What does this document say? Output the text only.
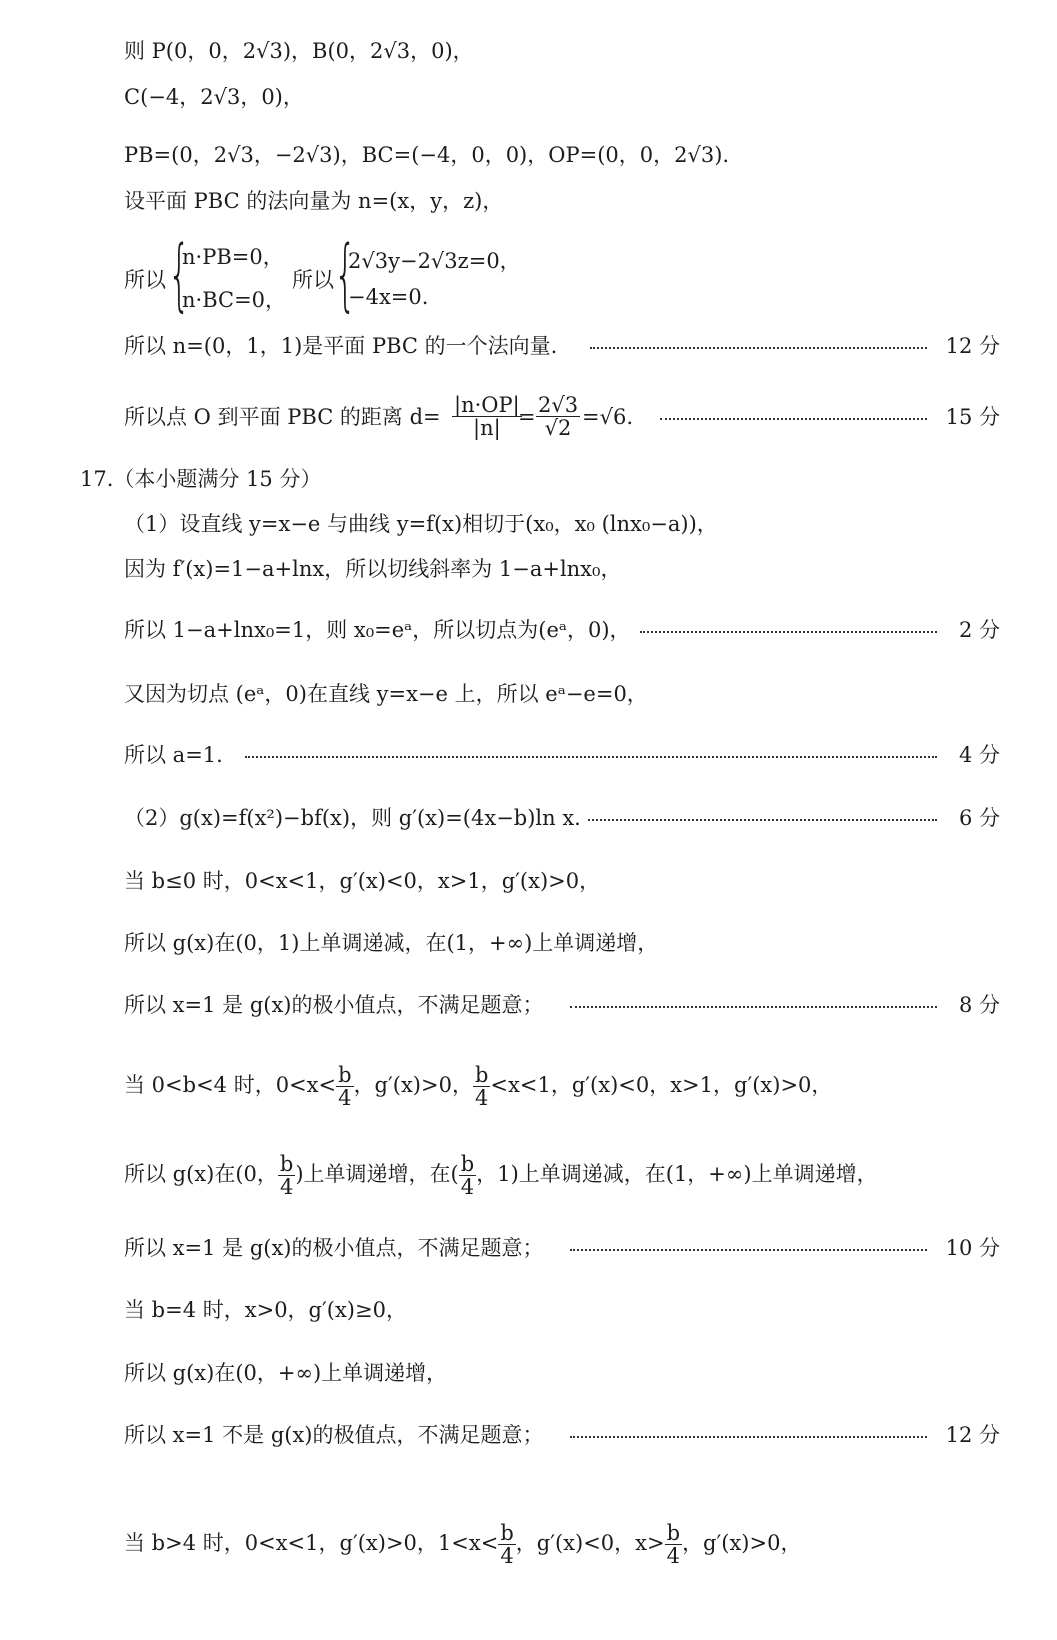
则 P(0，0，2√3)，B(0，2√3，0)，
C(−4，2√3，0)，
PB=(0，2√3，−2√3)，BC=(−4，0，0)，OP=(0，0，2√3).
设平面 PBC 的法向量为 n=(x，y，z)，
所以 {
n·PB=0，
n·BC=0，
所以 {
2√3y−2√3z=0，
−4x=0.
所以 n=(0，1，1)是平面 PBC 的一个法向量.	12 分
所以点 O 到平面 PBC 的距离 d=	15 分
$\frac{|n\cdot OP|}{|n|}$
= $\frac{2√3}{√2} =√6$.
17.（本小题满分 15 分）
（1）设直线 y=x−e 与曲线 y=f(x)相切于(x₀，x₀ (lnx₀−a))，
因为 f′(x)=1−a+lnx，所以切线斜率为 1−a+lnx₀，
所以 1−a+lnx₀=1，则 x₀=eᵃ，所以切点为(eᵃ，0)，	2 分
又因为切点 (eᵃ，0)在直线 y=x−e 上，所以 eᵃ−e=0，
所以 a=1.	4 分
（2）g(x)=f(x²)−bf(x)，则 g′(x)=(4x−b)ln x.	6 分
当 b≤0 时，0<x<1，g′(x)<0，x>1，g′(x)>0，
所以 g(x)在(0，1)上单调递减，在(1，+∞)上单调递增，
所以 x=1 是 g(x)的极小值点，不满足题意；	8 分
当 0<b<4 时，$0<x< \frac{b}{4}$ ，g′(x)>0， $\frac{b}{4} <x<1$，g′(x)<0，x>1，g′(x)>0，
所以 g(x)在(0， $\frac{b}{4}$ )上单调递增，在( $\frac{b}{4}$ ，1)上单调递减，在(1，+∞)上单调递增，
所以 x=1 是 g(x)的极小值点，不满足题意；	10 分
当 b=4 时，x>0，g′(x)≥0，
所以 g(x)在(0，+∞)上单调递增，
所以 x=1 不是 g(x)的极值点，不满足题意；	12 分
当 b>4 时，0<x<1，g′(x)>0，$1<x< \frac{b}{4}$ ，g′(x)<0，$x> \frac{b}{4}$ ，g′(x)>0，
